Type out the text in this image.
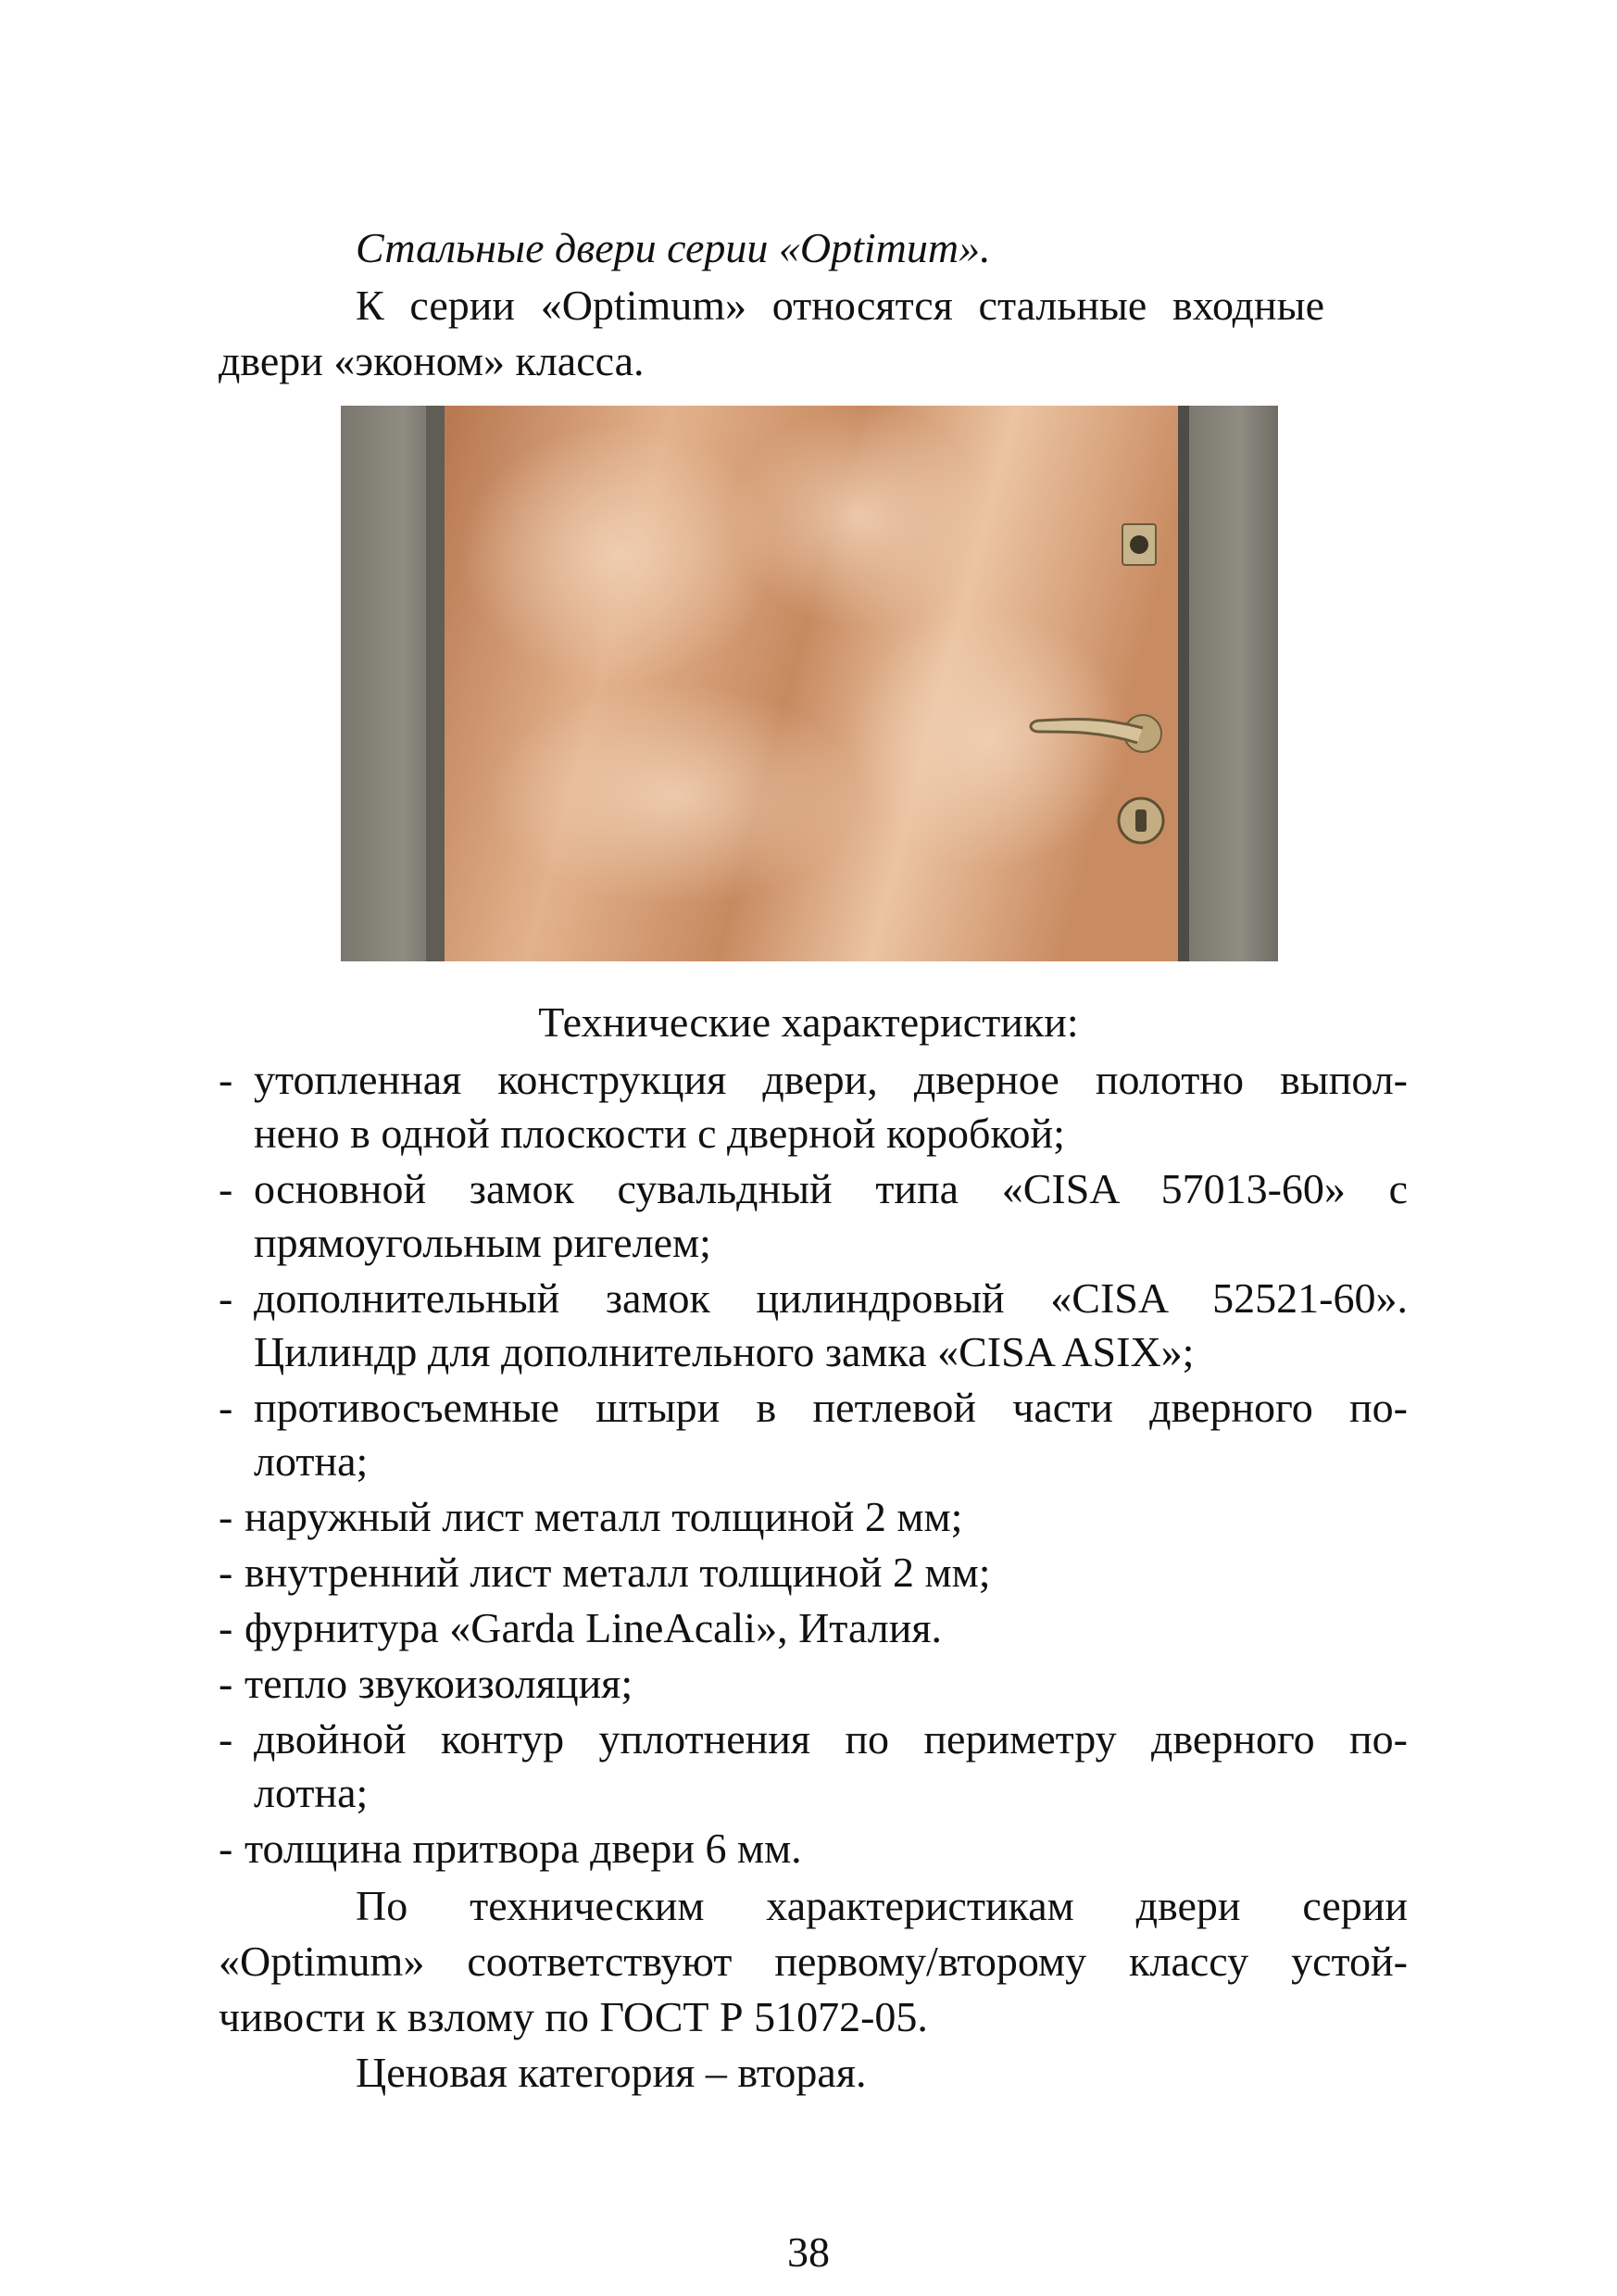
Стальные двери серии «Optimum».
К серии «Optimum» относятся стальные входные
двери «эконом» класса.
Технические характеристики:
- утопленная конструкция двери, дверное полотно выпол-
нено в одной плоскости с дверной коробкой;
- основной замок сувальдный типа «CISA 57013-60» с
прямоугольным ригелем;
- дополнительный замок цилиндровый «CISA 52521-60».
Цилиндр для дополнительного замка «CISA ASIX»;
- противосъемные штыри в петлевой части дверного по-
лотна;
- наружный лист металл толщиной 2 мм;
- внутренний лист металл толщиной 2 мм;
- фурнитура «Garda LineAcali», Италия.
- тепло звукоизоляция;
- двойной контур уплотнения по периметру дверного по-
лотна;
- толщина притвора двери 6 мм.
По техническим характеристикам двери серии
«Optimum» соответствуют первому/второму классу устой-
чивости к взлому по ГОСТ Р 51072-05.
Ценовая категория – вторая.
38
